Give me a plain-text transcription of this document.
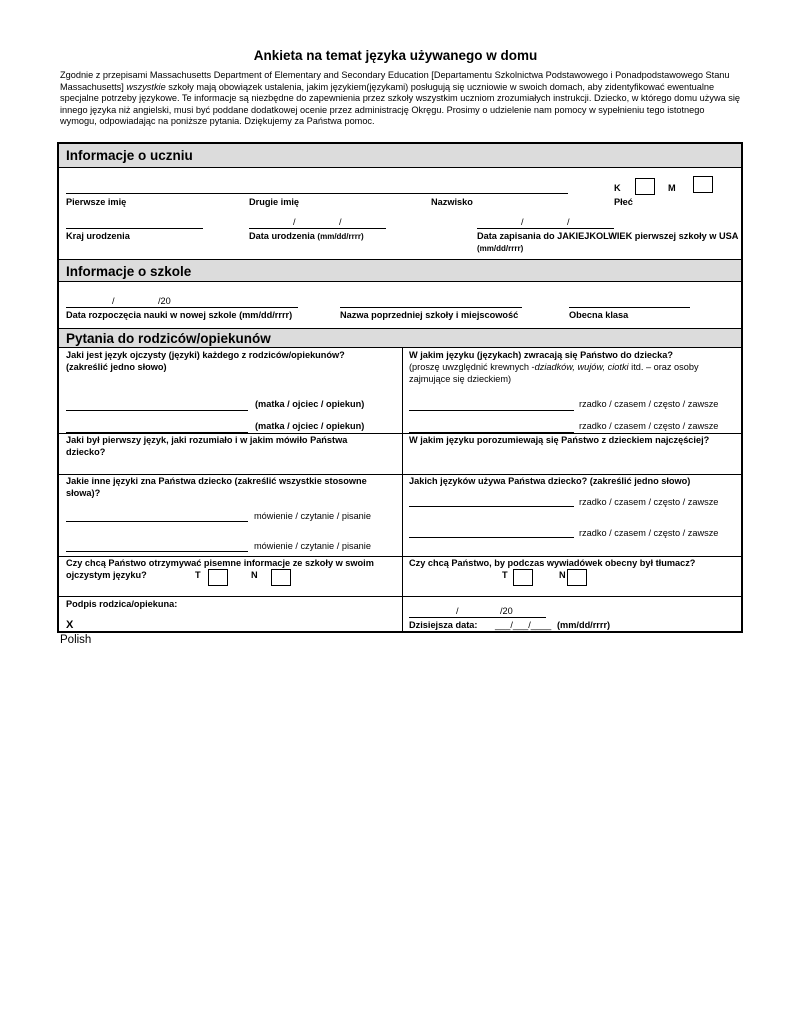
Ankieta na temat języka używanego w domu
Zgodnie z przepisami Massachusetts Department of Elementary and Secondary Education [Departamentu Szkolnictwa Podstawowego i Ponadpodstawowego Stanu Massachusetts] wszystkie szkoły mają obowiązek ustalenia, jakim językiem(językami) posługują się uczniowie w swoich domach, aby zidentyfikować ewentualne specjalne potrzeby językowe. Te informacje są niezbędne do zapewnienia przez szkoły wszystkim uczniom zrozumiałych instrukcji. Dziecko, w którego domu używa się innego języka niż angielski, musi być poddane dodatkowej ocenie przez administrację Okręgu. Prosimy o udzielenie nam pomocy w sypełnieniu tego istotnego wymogu, odpowiadając na poniższe pytania. Dziękujemy za Państwa pomoc.
Informacje o uczniu
Pierwsze imię	Drugie imię	Nazwisko
K	M
Płeć
Kraj urodzenia
/	/
Data urodzenia (mm/dd/rrrr)
/	/
Data zapisania do JAKIEJKOLWIEK pierwszej szkoły w USA (mm/dd/rrrr)
Informacje o szkole
/	/20
Data rozpoczęcia nauki w nowej szkole (mm/dd/rrrr)	Nazwa poprzedniej szkoły i miejscowość	Obecna klasa
Pytania do rodziców/opiekunów
Jaki jest język ojczysty (języki) każdego z rodziców/opiekunów? (zakreślić jedno słowo)
(matka / ojciec / opiekun)
(matka / ojciec / opiekun)
W jakim języku (językach) zwracają się Państwo do dziecka?
(proszę uwzględnić krewnych -dziadków, wujów, ciotki itd. – oraz osoby zajmujące się dzieckiem)
rzadko / czasem / często / zawsze
rzadko / czasem / często / zawsze
Jaki był pierwszy język, jaki rozumiało i w jakim mówiło Państwa dziecko?
W jakim języku porozumiewają się Państwo z dzieckiem najczęściej?
Jakie inne języki zna Państwa dziecko (zakreślić wszystkie stosowne słowa)?
mówienie / czytanie / pisanie
mówienie / czytanie / pisanie
Jakich języków używa Państwa dziecko? (zakreślić jedno słowo)
rzadko / czasem / często / zawsze
rzadko / czasem / często / zawsze
Czy chcą Państwo otrzymywać pisemne informacje ze szkoły w swoim ojczystym języku?	T	N
Czy chcą Państwo, by podczas wywiadówek obecny był tłumacz?
T	N
Podpis rodzica/opiekuna:
X
/	/20
Dzisiejsza data: ___/___/____ (mm/dd/rrrr)
Polish
